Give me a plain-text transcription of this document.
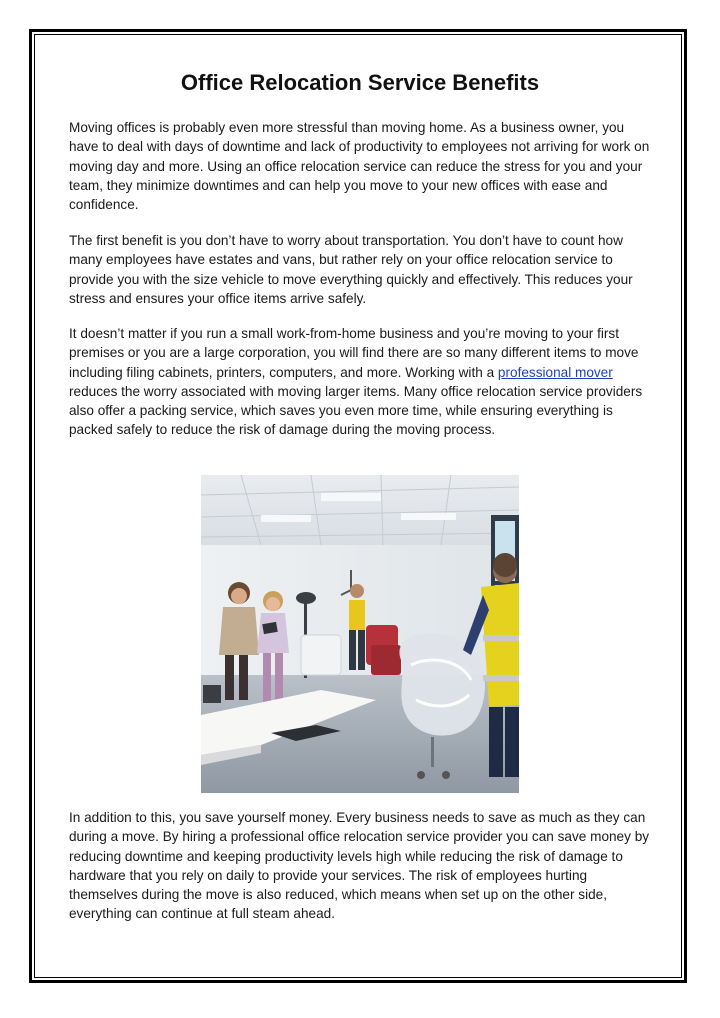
Office Relocation Service Benefits

Moving offices is probably even more stressful than moving home. As a business owner, you have to deal with days of downtime and lack of productivity to employees not arriving for work on moving day and more. Using an office relocation service can reduce the stress for you and your team, they minimize downtimes and can help you move to your new offices with ease and confidence.

The first benefit is you don’t have to worry about transportation. You don’t have to count how many employees have estates and vans, but rather rely on your office relocation service to provide you with the size vehicle to move everything quickly and effectively. This reduces your stress and ensures your office items arrive safely.

It doesn’t matter if you run a small work-from-home business and you’re moving to your first premises or you are a large corporation, you will find there are so many different items to move including filing cabinets, printers, computers, and more. Working with a professional mover reduces the worry associated with moving larger items. Many office relocation service providers also offer a packing service, which saves you even more time, while ensuring everything is packed safely to reduce the risk of damage during the moving process.

In addition to this, you save yourself money. Every business needs to save as much as they can during a move. By hiring a professional office relocation service provider you can save money by reducing downtime and keeping productivity levels high while reducing the risk of damage to hardware that you rely on daily to provide your services. The risk of employees hurting themselves during the move is also reduced, which means when set up on the other side, everything can continue at full steam ahead.
